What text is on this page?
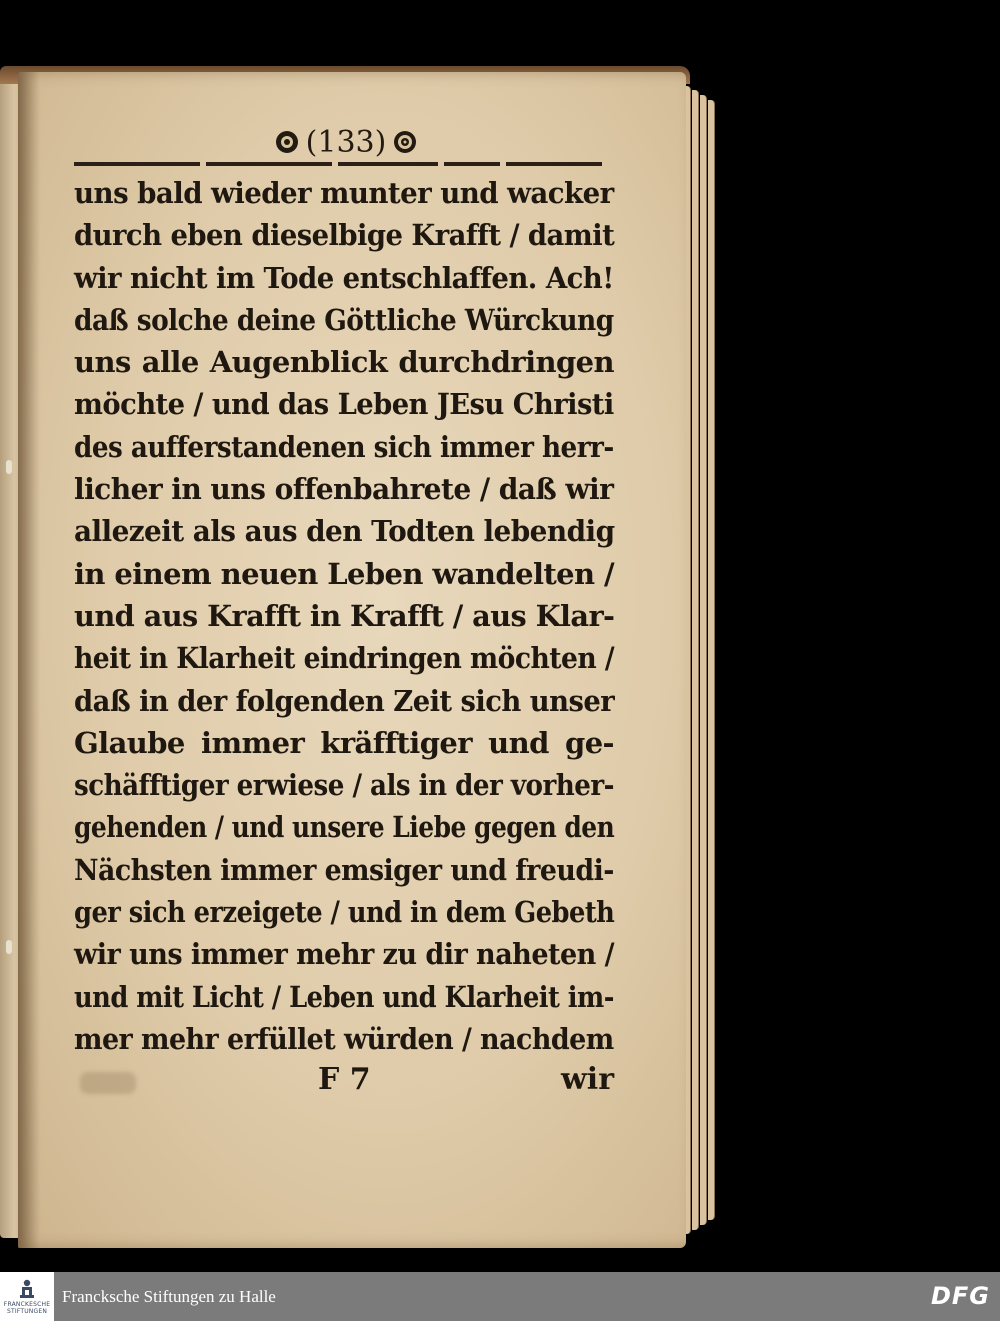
(133)
uns bald wieder munter und wacker
durch eben dieselbige Krafft / damit
wir nicht im Tode entschlaffen. Ach!
daß solche deine Göttliche Würckung
uns alle Augenblick durchdringen
möchte / und das Leben JEsu Christi
des aufferstandenen sich immer herr-
licher in uns offenbahrete / daß wir
allezeit als aus den Todten lebendig
in einem neuen Leben wandelten /
und aus Krafft in Krafft / aus Klar-
heit in Klarheit eindringen möchten /
daß in der folgenden Zeit sich unser
Glaube immer kräfftiger und ge-
schäfftiger erwiese / als in der vorher-
gehenden / und unsere Liebe gegen den
Nächsten immer emsiger und freudi-
ger sich erzeigete / und in dem Gebeth
wir uns immer mehr zu dir naheten /
und mit Licht / Leben und Klarheit im-
mer mehr erfüllet würden / nachdem
F 7	wir
FRANCKESCHE
STIFTUNGEN
Francksche Stiftungen zu Halle	DFG
